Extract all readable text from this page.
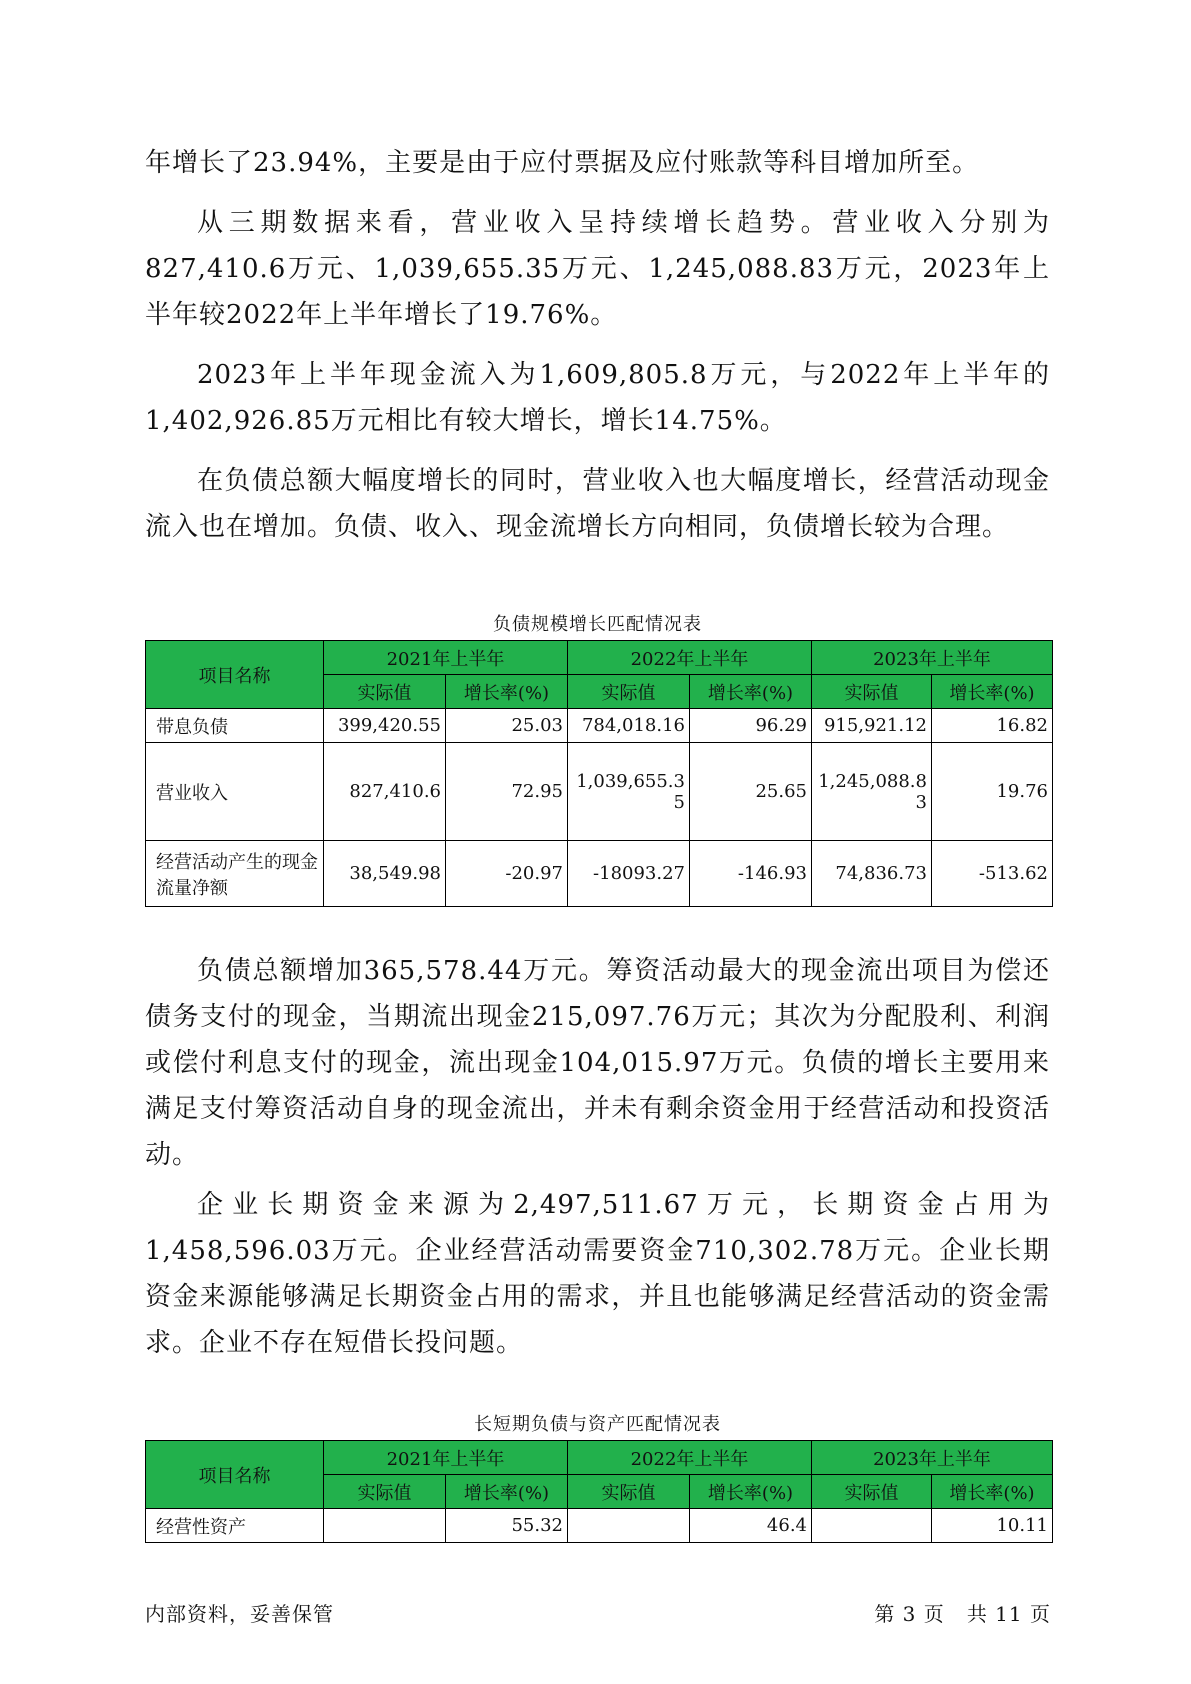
年增长了23.94%，主要是由于应付票据及应付账款等科目增加所至。

从三期数据来看，营业收入呈持续增长趋势。营业收入分别为827,410.6万元、1,039,655.35万元、1,245,088.83万元，2023年上半年较2022年上半年增长了19.76%。

2023年上半年现金流入为1,609,805.8万元，与2022年上半年的1,402,926.85万元相比有较大增长，增长14.75%。

在负债总额大幅度增长的同时，营业收入也大幅度增长，经营活动现金流入也在增加。负债、收入、现金流增长方向相同，负债增长较为合理。

负债规模增长匹配情况表

项目名称	2021年上半年		2022年上半年		2023年上半年	
	实际值	增长率(%)	实际值	增长率(%)	实际值	增长率(%)
带息负债	399,420.55	25.03	784,018.16	96.29	915,921.12	16.82
营业收入	827,410.6	72.95	1,039,655.35	25.65	1,245,088.83	19.76
经营活动产生的现金流量净额	38,549.98	-20.97	-18093.27	-146.93	74,836.73	-513.62

负债总额增加365,578.44万元。筹资活动最大的现金流出项目为偿还债务支付的现金，当期流出现金215,097.76万元；其次为分配股利、利润或偿付利息支付的现金，流出现金104,015.97万元。负债的增长主要用来满足支付筹资活动自身的现金流出，并未有剩余资金用于经营活动和投资活动。

企业长期资金来源为2,497,511.67万元，长期资金占用为1,458,596.03万元。企业经营活动需要资金710,302.78万元。企业长期资金来源能够满足长期资金占用的需求，并且也能够满足经营活动的资金需求。企业不存在短借长投问题。

长短期负债与资产匹配情况表

项目名称	2021年上半年		2022年上半年		2023年上半年	
	实际值	增长率(%)	实际值	增长率(%)	实际值	增长率(%)
经营性资产		55.32		46.4		10.11
内部资料，妥善保管	第 3 页   共 11 页
